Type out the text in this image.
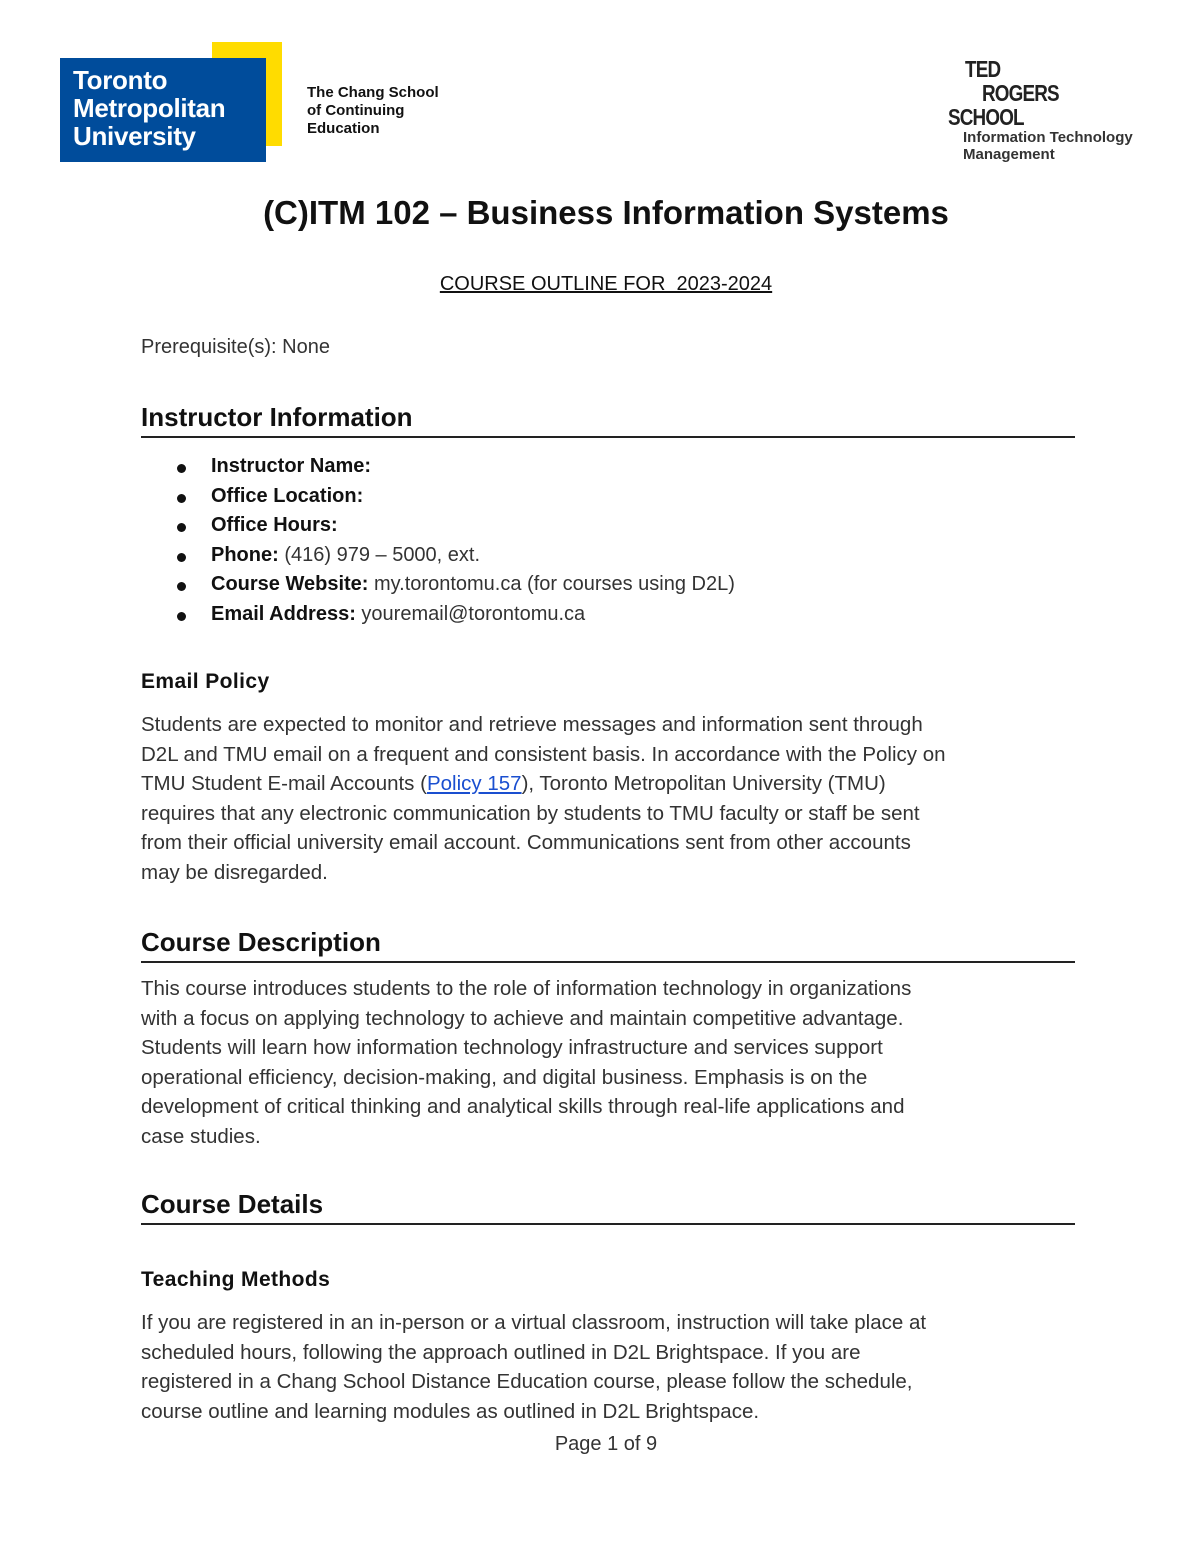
Toronto
Metropolitan
University
The Chang School
of Continuing
Education
TED
ROGERS
SCHOOL
Information Technology
Management
(C)ITM 102 – Business Information Systems
COURSE OUTLINE FOR  2023-2024
Prerequisite(s): None
Instructor Information
Instructor Name:
Office Location:
Office Hours:
Phone: (416) 979 – 5000, ext.
Course Website: my.torontomu.ca (for courses using D2L)
Email Address: youremail@torontomu.ca
Email Policy
Students are expected to monitor and retrieve messages and information sent through
D2L and TMU email on a frequent and consistent basis. In accordance with the Policy on
TMU Student E-mail Accounts (Policy 157), Toronto Metropolitan University (TMU)
requires that any electronic communication by students to TMU faculty or staff be sent
from their official university email account. Communications sent from other accounts
may be disregarded.
Course Description
This course introduces students to the role of information technology in organizations
with a focus on applying technology to achieve and maintain competitive advantage.
Students will learn how information technology infrastructure and services support
operational efficiency, decision-making, and digital business. Emphasis is on the
development of critical thinking and analytical skills through real-life applications and
case studies.
Course Details
Teaching Methods
If you are registered in an in-person or a virtual classroom, instruction will take place at
scheduled hours, following the approach outlined in D2L Brightspace. If you are
registered in a Chang School Distance Education course, please follow the schedule,
course outline and learning modules as outlined in D2L Brightspace.
Page 1 of 9
